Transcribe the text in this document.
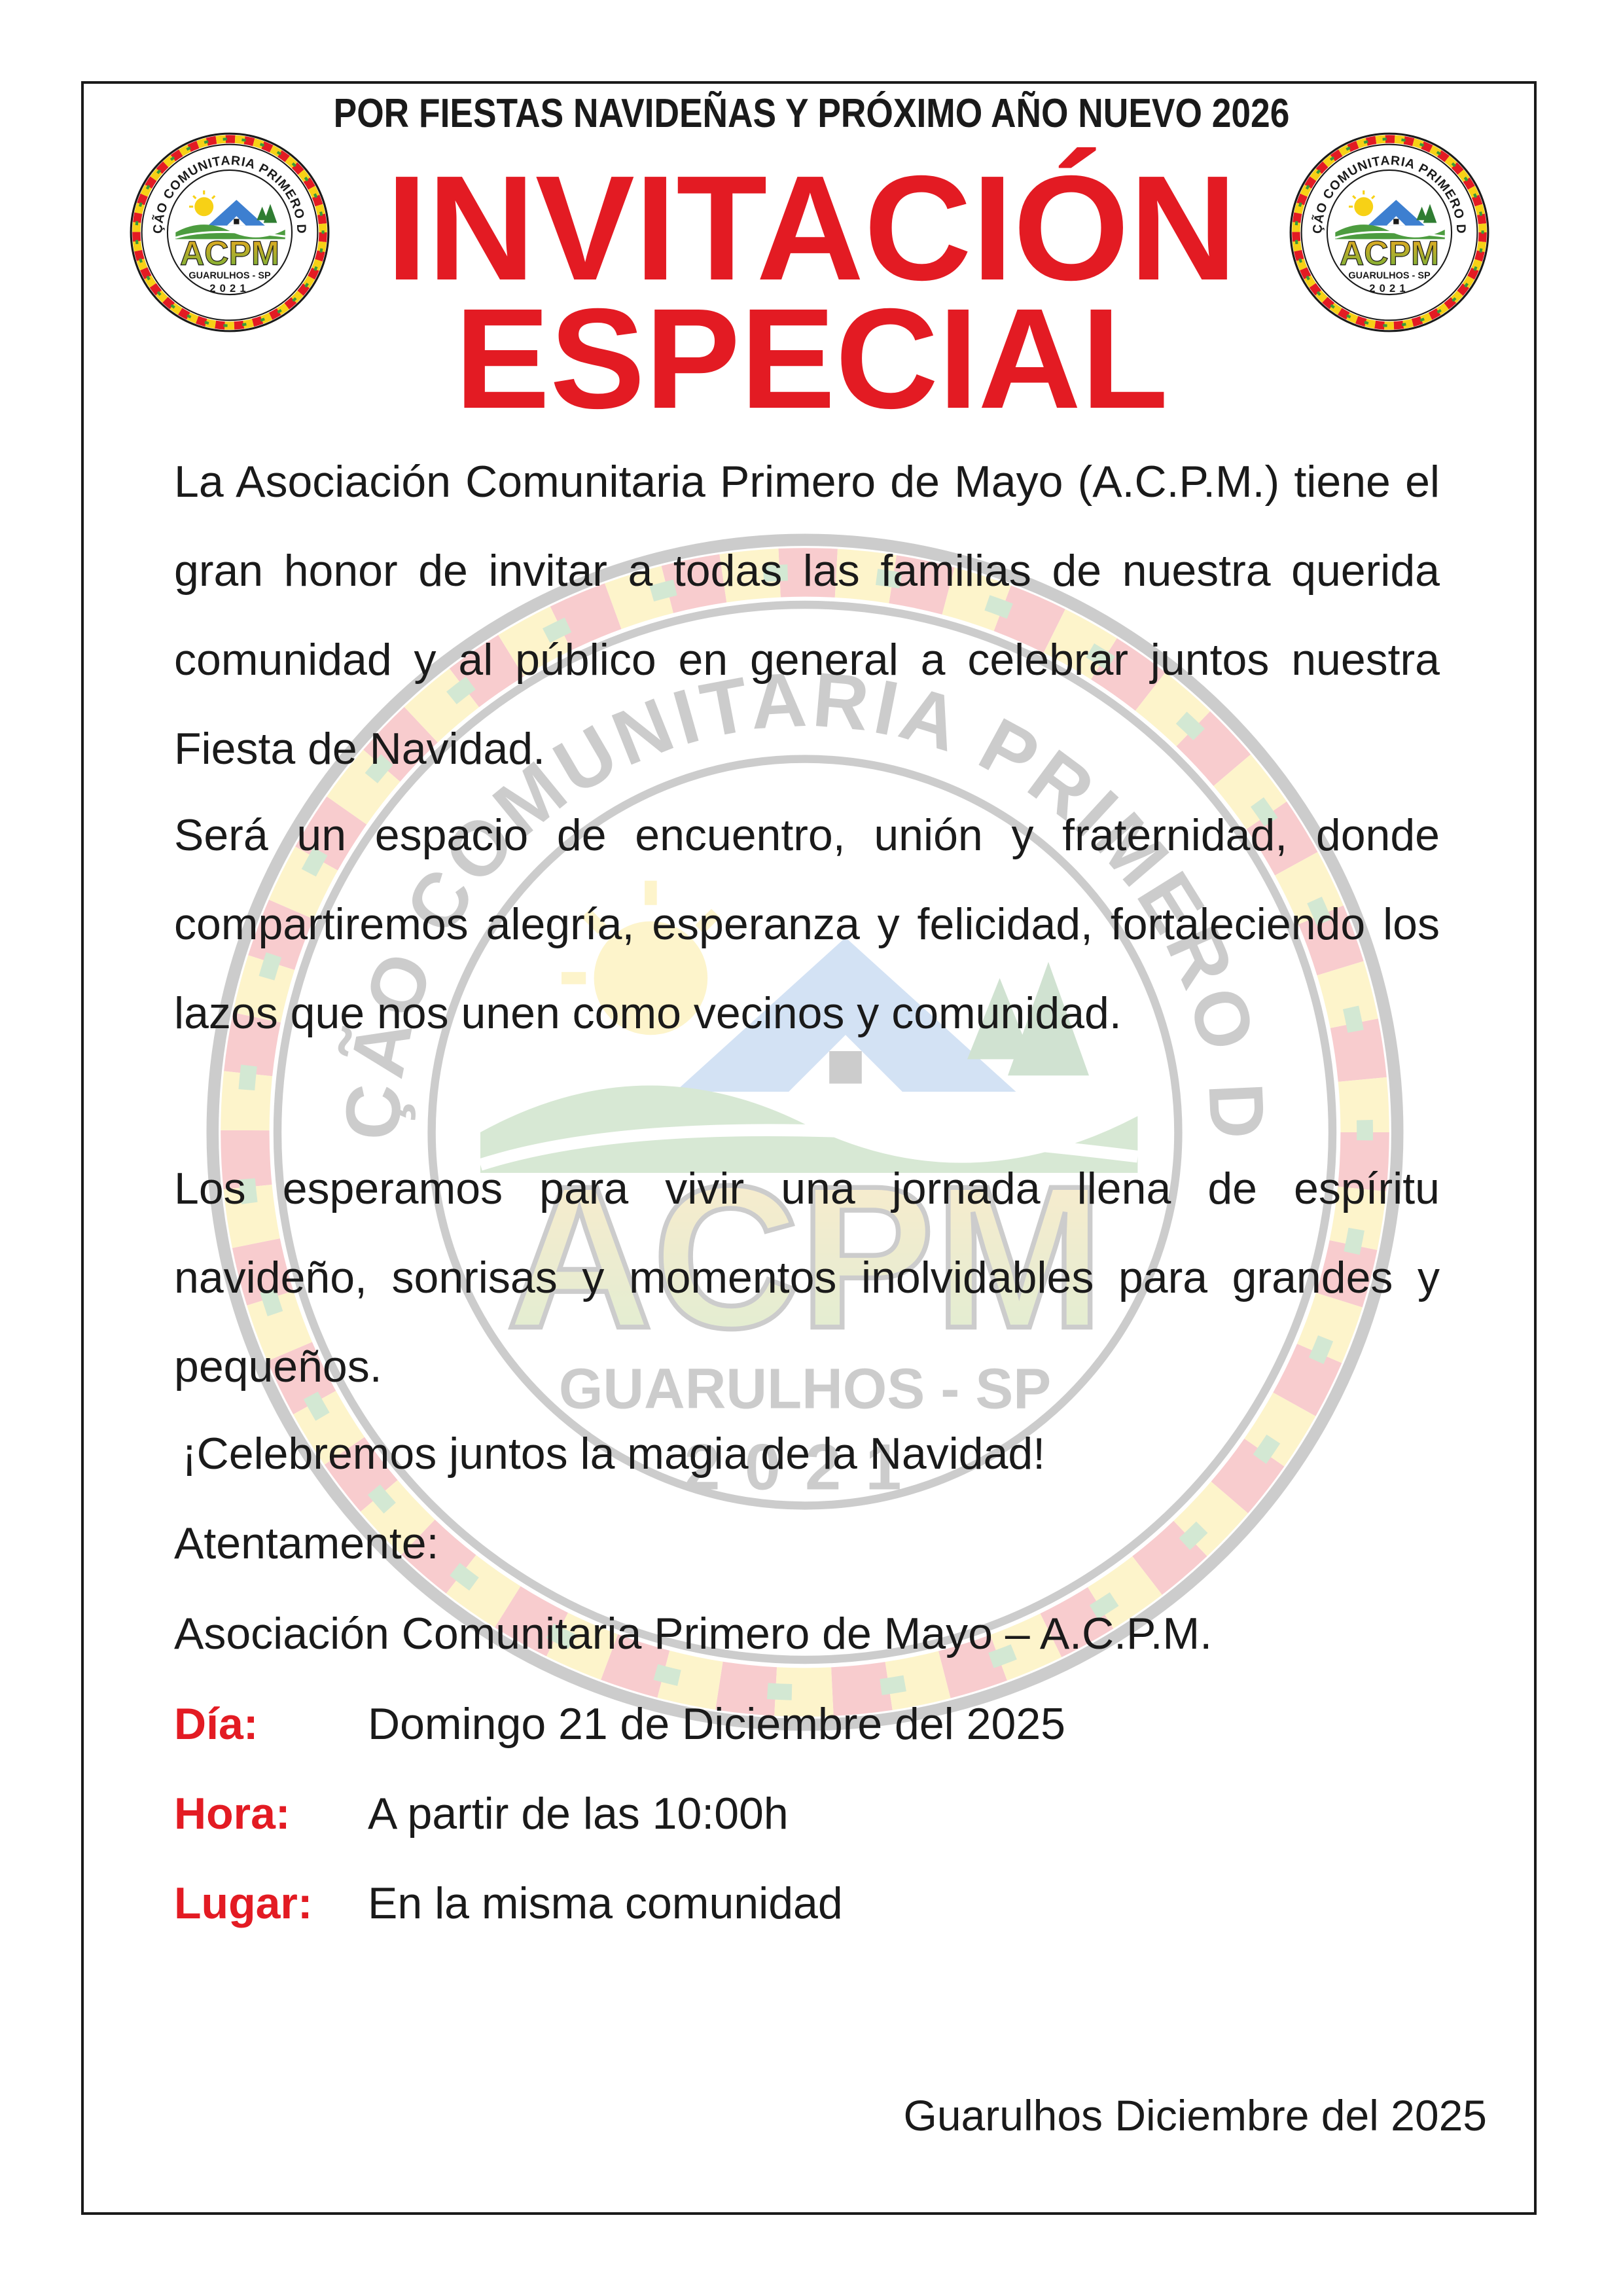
POR FIESTAS NAVIDEÑAS Y PRÓXIMO AÑO NUEVO 2026
INVITACIÓN
ESPECIAL
La Asociación Comunitaria Primero de Mayo (A.C.P.M.) tiene el gran honor de invitar a todas las familias de nuestra querida comunidad y al público en general a celebrar juntos nuestra Fiesta de Navidad.
Será un espacio de encuentro, unión y fraternidad, donde compartiremos alegría, esperanza y felicidad, fortaleciendo los lazos que nos unen como vecinos y comunidad.
Los esperamos para vivir una jornada llena de espíritu navideño, sonrisas y momentos inolvidables para grandes y pequeños.
¡Celebremos juntos la magia de la Navidad!
Atentamente:
Asociación Comunitaria Primero de Mayo – A.C.P.M.
Día: Domingo 21 de Diciembre del 2025
Hora: A partir de las 10:00h
Lugar: En la misma comunidad
Guarulhos Diciembre del 2025
